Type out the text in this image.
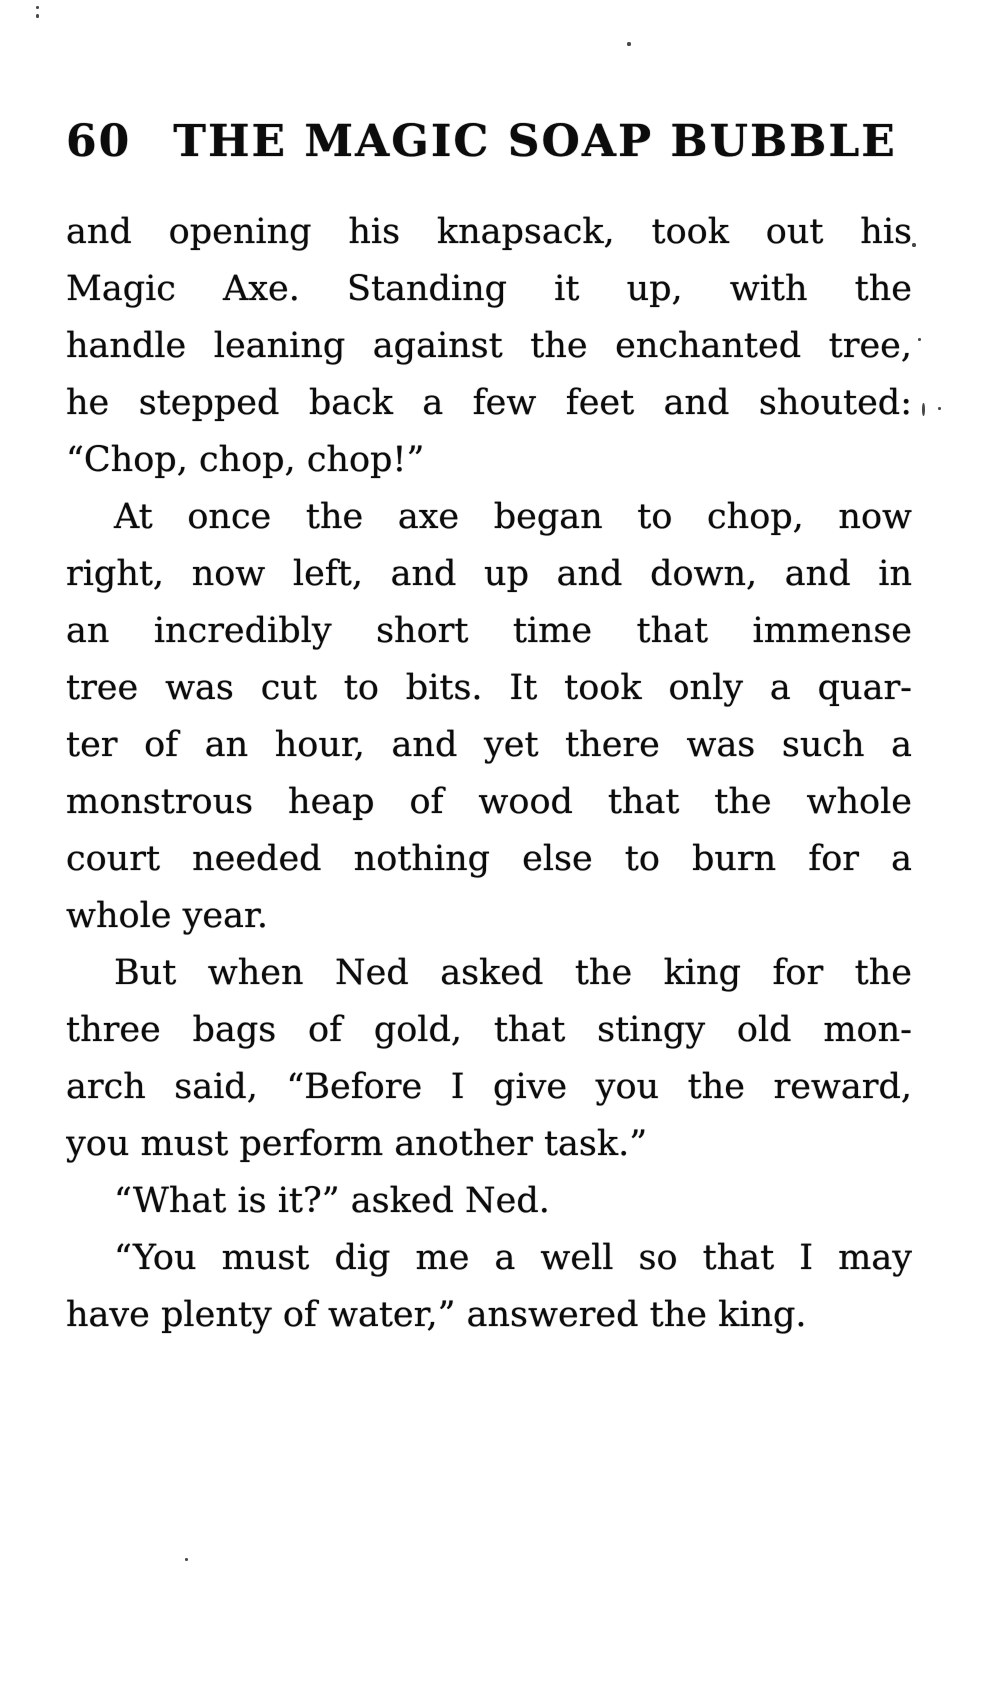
60 THE MAGIC SOAP BUBBLE
and opening his knapsack, took out his
Magic Axe. Standing it up, with the
handle leaning against the enchanted tree,
he stepped back a few feet and shouted:
“Chop, chop, chop!”
At once the axe began to chop, now
right, now left, and up and down, and in
an incredibly short time that immense
tree was cut to bits. It took only a quar-
ter of an hour, and yet there was such a
monstrous heap of wood that the whole
court needed nothing else to burn for a
whole year.
But when Ned asked the king for the
three bags of gold, that stingy old mon-
arch said, “Before I give you the reward,
you must perform another task.”
“What is it?” asked Ned.
“You must dig me a well so that I may
have plenty of water,” answered the king.
